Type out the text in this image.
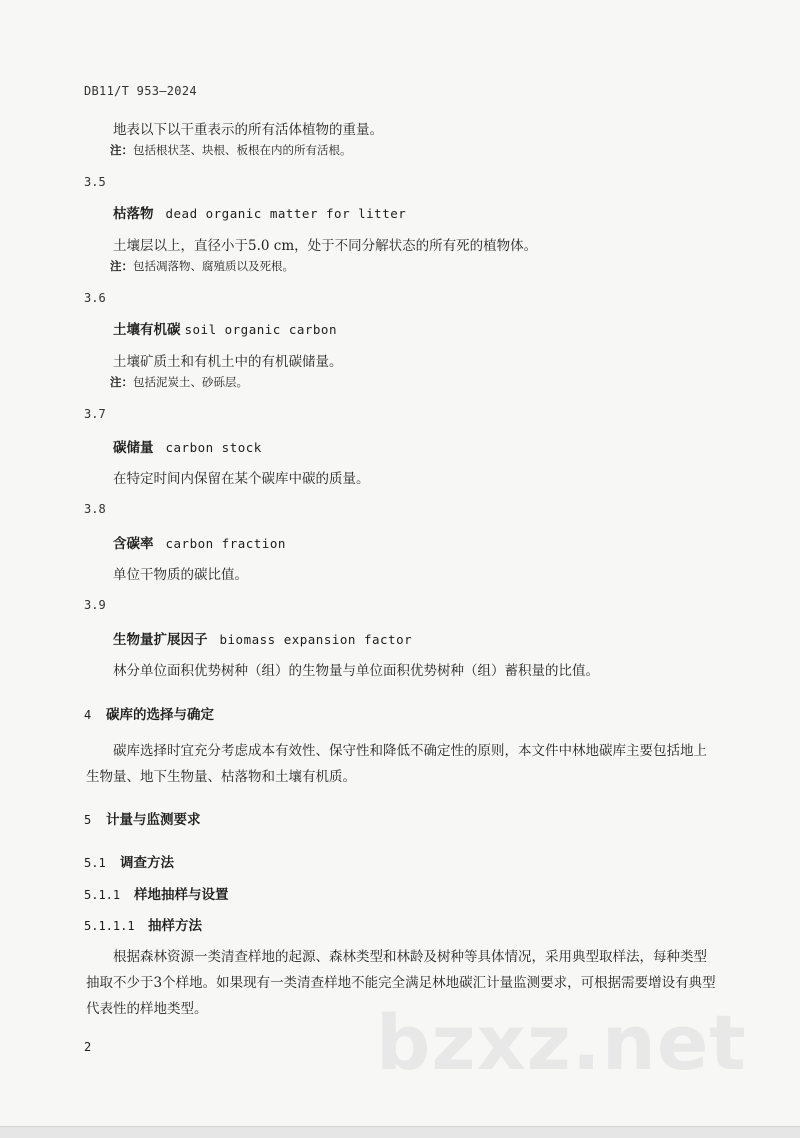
DB11/T 953—2024
地表以下以干重表示的所有活体植物的重量。
注：包括根状茎、块根、板根在内的所有活根。
3.5
枯落物 dead organic matter for litter
土壤层以上，直径小于5.0 cm，处于不同分解状态的所有死的植物体。
注：包括凋落物、腐殖质以及死根。
3.6
土壤有机碳 soil organic carbon
土壤矿质土和有机土中的有机碳储量。
注：包括泥炭土、砂砾层。
3.7
碳储量 carbon stock
在特定时间内保留在某个碳库中碳的质量。
3.8
含碳率 carbon fraction
单位干物质的碳比值。
3.9
生物量扩展因子 biomass expansion factor
林分单位面积优势树种（组）的生物量与单位面积优势树种（组）蓄积量的比值。
4 碳库的选择与确定
碳库选择时宜充分考虑成本有效性、保守性和降低不确定性的原则，本文件中林地碳库主要包括地上生物量、地下生物量、枯落物和土壤有机质。
5 计量与监测要求
5.1 调查方法
5.1.1 样地抽样与设置
5.1.1.1 抽样方法
根据森林资源一类清查样地的起源、森林类型和林龄及树种等具体情况，采用典型取样法，每种类型抽取不少于3个样地。如果现有一类清查样地不能完全满足林地碳汇计量监测要求，可根据需要增设有典型代表性的样地类型。	bzxz.net
2
